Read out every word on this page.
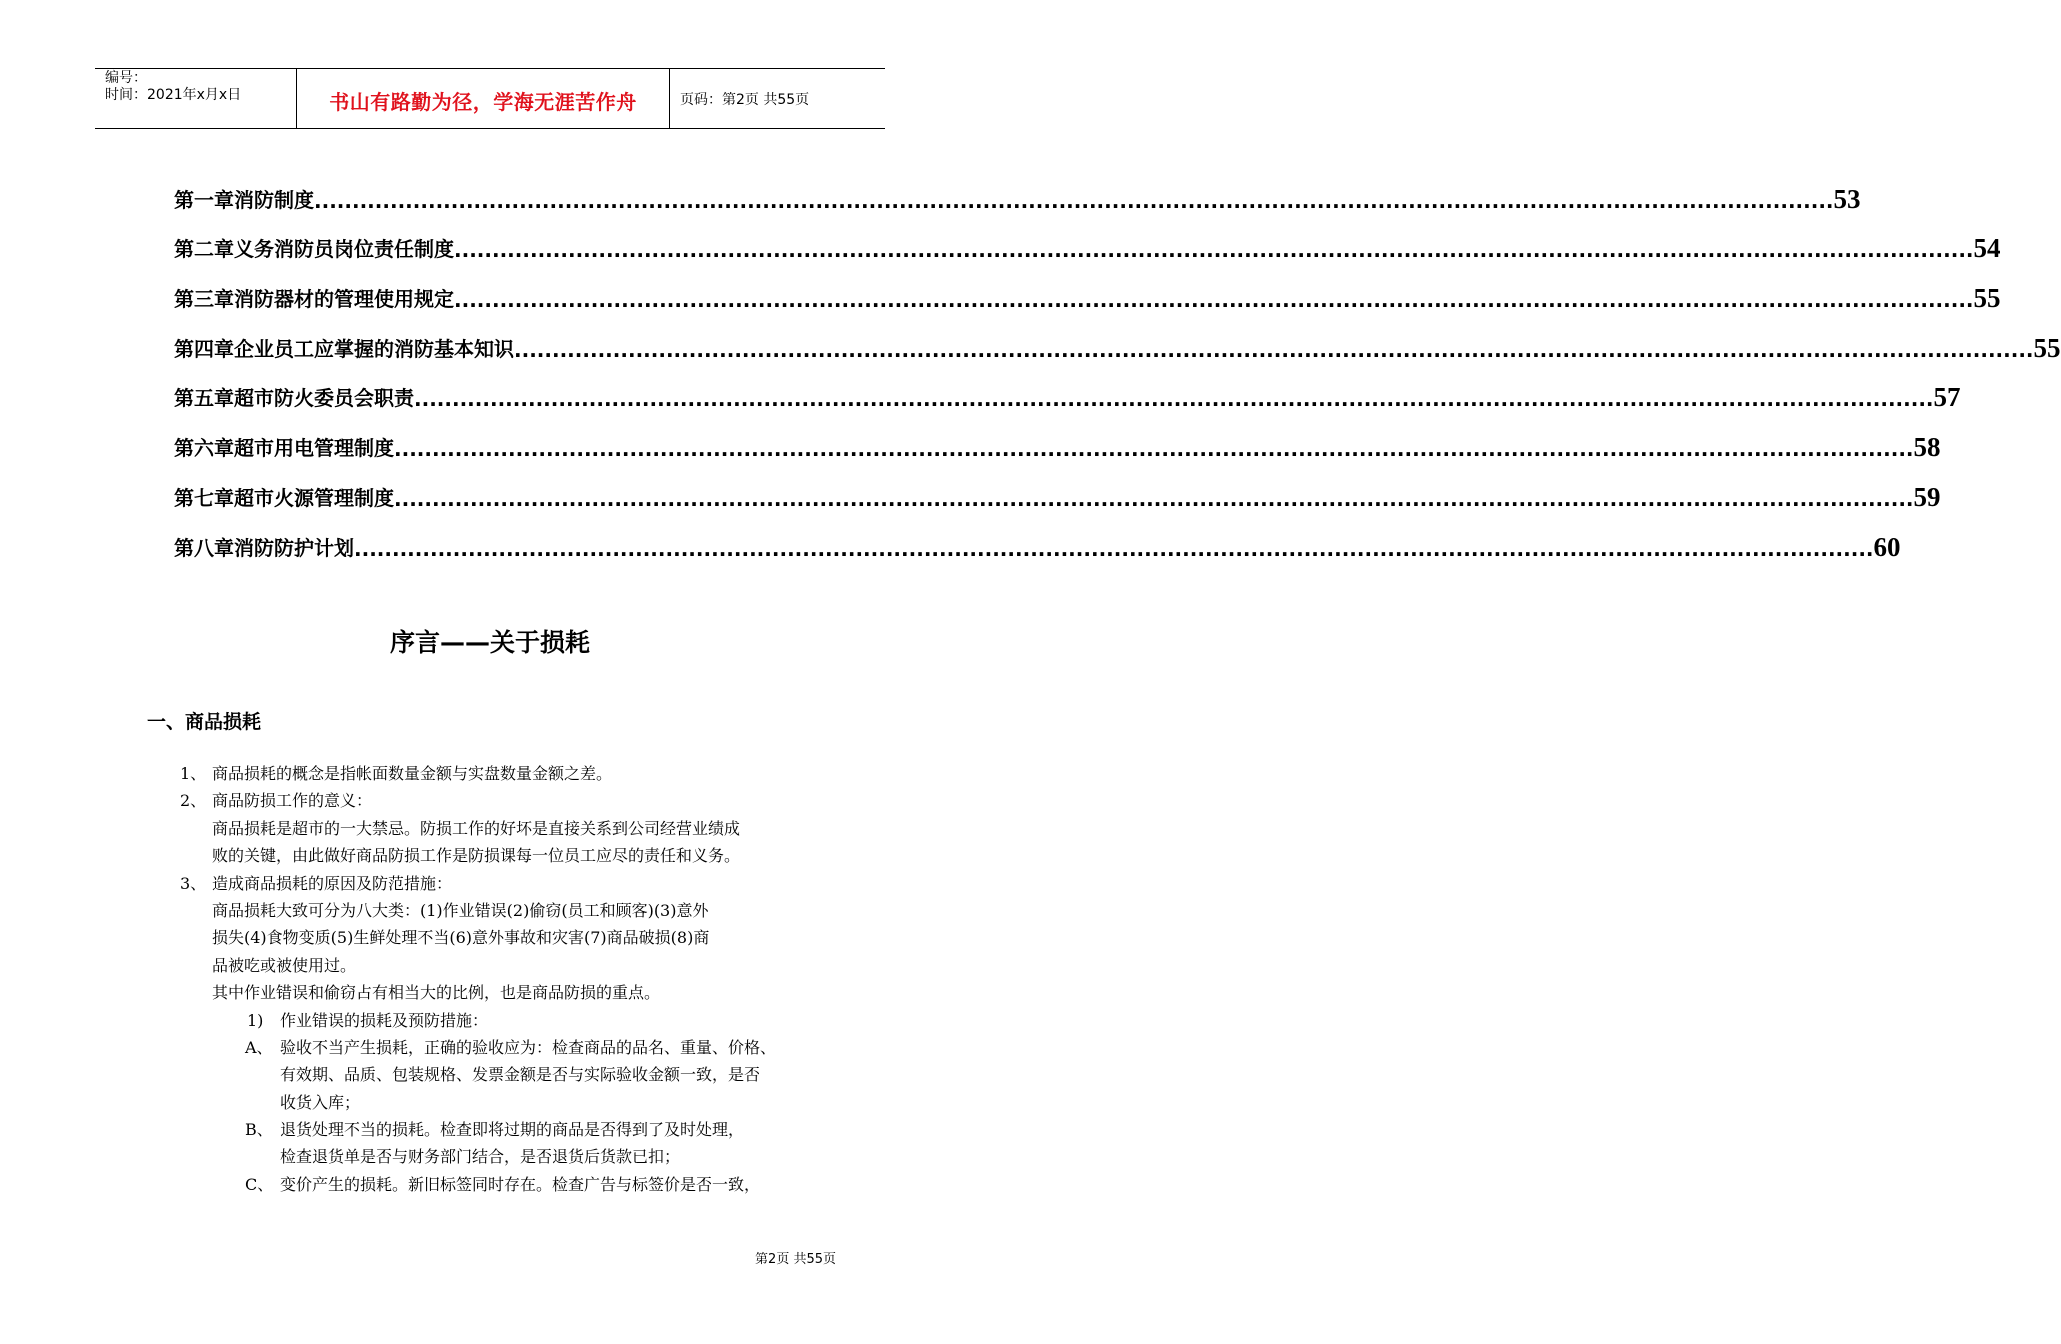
编号：
时间：2021年x月x日	书山有路勤为径，学海无涯苦作舟	页码：第2页 共55页
第一章 消防制度 ........................................................................................................................................................................................................ 53
第二章 义务消防员岗位责任制度 ........................................................................................................................................................................................................ 54
第三章 消防器材的管理使用规定 ........................................................................................................................................................................................................ 55
第四章 企业员工应掌握的消防基本知识 ........................................................................................................................................................................................................ 55
第五章 超市防火委员会职责 ........................................................................................................................................................................................................ 57
第六章 超市用电管理制度 ........................................................................................................................................................................................................ 58
第七章 超市火源管理制度 ........................................................................................................................................................................................................ 59
第八章 消防防护计划 ........................................................................................................................................................................................................ 60
序言——关于损耗
一、商品损耗
1、 商品损耗的概念是指帐面数量金额与实盘数量金额之差。
2、 商品防损工作的意义：
商品损耗是超市的一大禁忌。防损工作的好坏是直接关系到公司经营业绩成
败的关键，由此做好商品防损工作是防损课每一位员工应尽的责任和义务。
3、 造成商品损耗的原因及防范措施：
商品损耗大致可分为八大类：(1)作业错误(2)偷窃(员工和顾客)(3)意外
损失(4)食物变质(5)生鲜处理不当(6)意外事故和灾害(7)商品破损(8)商
品被吃或被使用过。
其中作业错误和偷窃占有相当大的比例，也是商品防损的重点。
1) 作业错误的损耗及预防措施：
A、 验收不当产生损耗，正确的验收应为：检查商品的品名、重量、价格、
有效期、品质、包装规格、发票金额是否与实际验收金额一致，是否
收货入库；
B、 退货处理不当的损耗。检查即将过期的商品是否得到了及时处理，
检查退货单是否与财务部门结合，是否退货后货款已扣；
C、 变价产生的损耗。新旧标签同时存在。检查广告与标签价是否一致，
第2页 共55页
